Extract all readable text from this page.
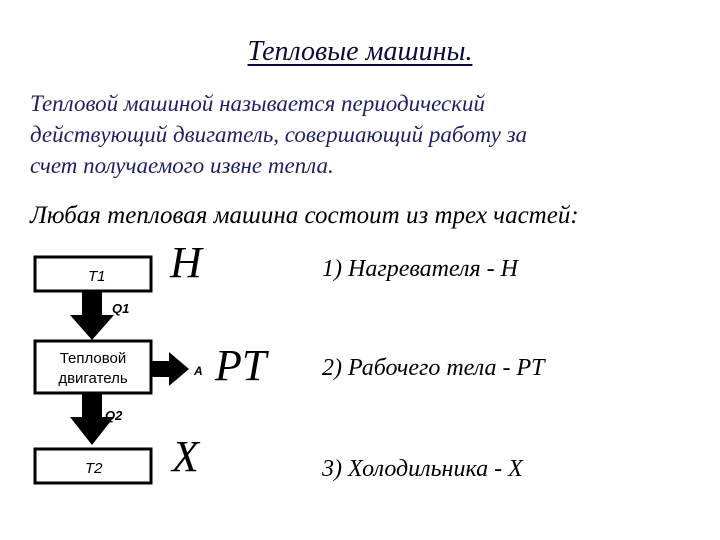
Тепловые машины.
Тепловой машиной называется периодический
действующий двигатель, совершающий работу за
счет получаемого извне тепла.
Любая тепловая машина состоит из трех частей:
T1
Q1
Тепловой
двигатель	A
Q2
T2
H
PT
X
1) Нагревателя - Н
2) Рабочего тела - РТ
3) Холодильника - Х
